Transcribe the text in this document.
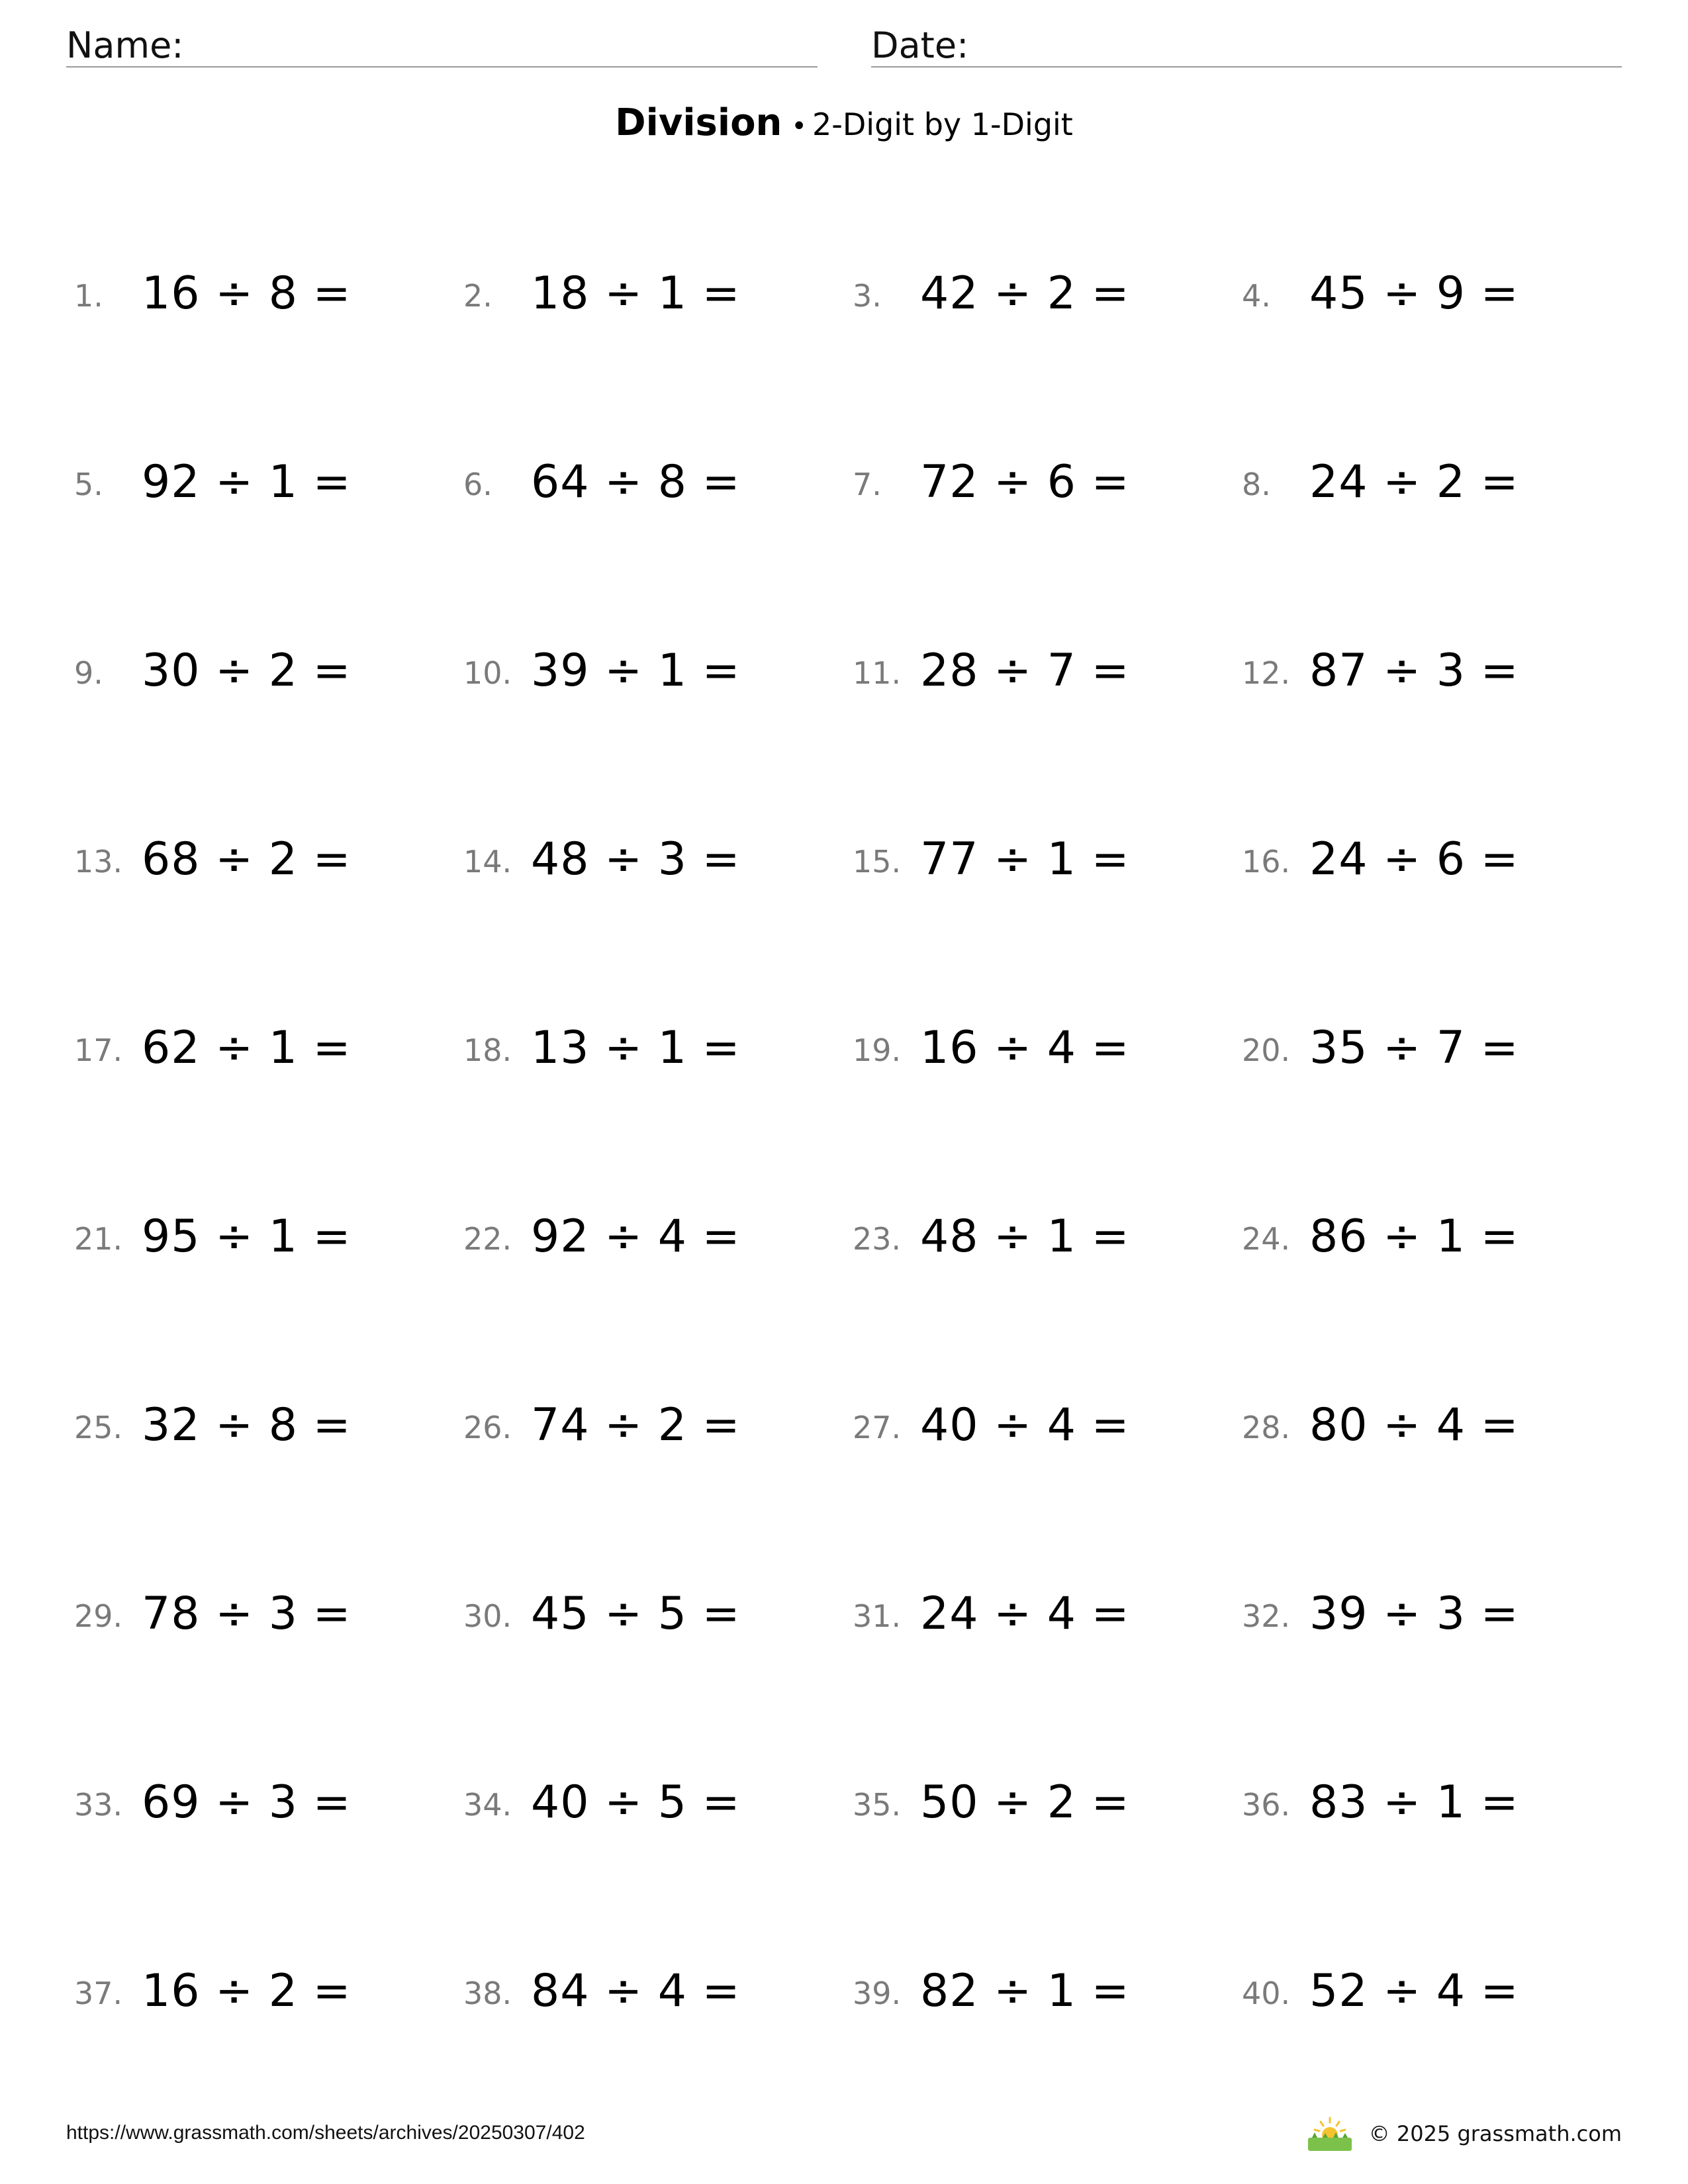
Name:	Date:
Division • 2-Digit by 1-Digit
1. 16 ÷ 8 =	2. 18 ÷ 1 =	3. 42 ÷ 2 =	4. 45 ÷ 9 =
5. 92 ÷ 1 =	6. 64 ÷ 8 =	7. 72 ÷ 6 =	8. 24 ÷ 2 =
9. 30 ÷ 2 =	10. 39 ÷ 1 =	11. 28 ÷ 7 =	12. 87 ÷ 3 =
13. 68 ÷ 2 =	14. 48 ÷ 3 =	15. 77 ÷ 1 =	16. 24 ÷ 6 =
17. 62 ÷ 1 =	18. 13 ÷ 1 =	19. 16 ÷ 4 =	20. 35 ÷ 7 =
21. 95 ÷ 1 =	22. 92 ÷ 4 =	23. 48 ÷ 1 =	24. 86 ÷ 1 =
25. 32 ÷ 8 =	26. 74 ÷ 2 =	27. 40 ÷ 4 =	28. 80 ÷ 4 =
29. 78 ÷ 3 =	30. 45 ÷ 5 =	31. 24 ÷ 4 =	32. 39 ÷ 3 =
33. 69 ÷ 3 =	34. 40 ÷ 5 =	35. 50 ÷ 2 =	36. 83 ÷ 1 =
37. 16 ÷ 2 =	38. 84 ÷ 4 =	39. 82 ÷ 1 =	40. 52 ÷ 4 =
https://www.grassmath.com/sheets/archives/20250307/402	© 2025 grassmath.com
